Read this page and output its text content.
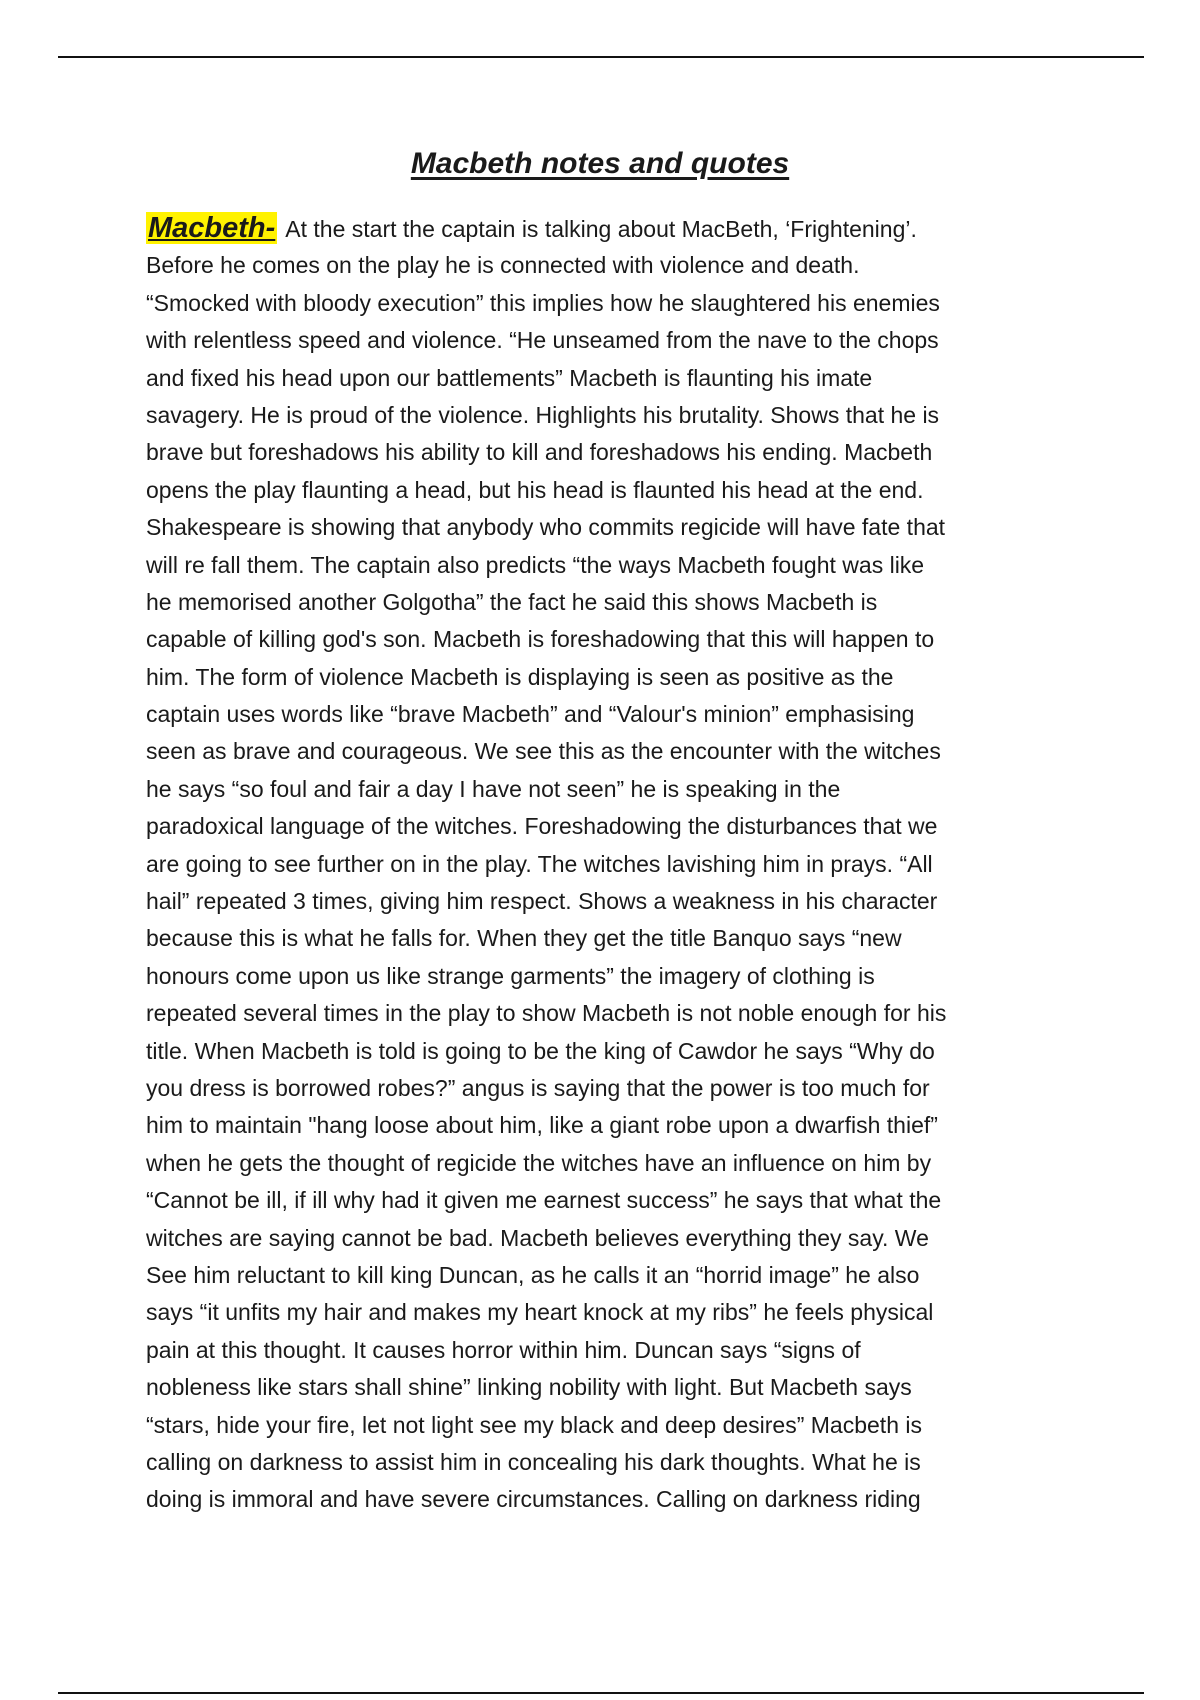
Macbeth notes and quotes
Macbeth- At the start the captain is talking about MacBeth, ‘Frightening’.
Before he comes on the play he is connected with violence and death.
“Smocked with bloody execution” this implies how he slaughtered his enemies
with relentless speed and violence. “He unseamed from the nave to the chops
and fixed his head upon our battlements” Macbeth is flaunting his imate
savagery. He is proud of the violence. Highlights his brutality. Shows that he is
brave but foreshadows his ability to kill and foreshadows his ending. Macbeth
opens the play flaunting a head, but his head is flaunted his head at the end.
Shakespeare is showing that anybody who commits regicide will have fate that
will re fall them. The captain also predicts “the ways Macbeth fought was like
he memorised another Golgotha” the fact he said this shows Macbeth is
capable of killing god's son. Macbeth is foreshadowing that this will happen to
him. The form of violence Macbeth is displaying is seen as positive as the
captain uses words like “brave Macbeth” and “Valour's minion” emphasising
seen as brave and courageous. We see this as the encounter with the witches
he says “so foul and fair a day I have not seen” he is speaking in the
paradoxical language of the witches. Foreshadowing the disturbances that we
are going to see further on in the play. The witches lavishing him in prays. “All
hail” repeated 3 times, giving him respect. Shows a weakness in his character
because this is what he falls for. When they get the title Banquo says “new
honours come upon us like strange garments” the imagery of clothing is
repeated several times in the play to show Macbeth is not noble enough for his
title. When Macbeth is told is going to be the king of Cawdor he says “Why do
you dress is borrowed robes?” angus is saying that the power is too much for
him to maintain "hang loose about him, like a giant robe upon a dwarfish thief”
when he gets the thought of regicide the witches have an influence on him by
“Cannot be ill, if ill why had it given me earnest success” he says that what the
witches are saying cannot be bad. Macbeth believes everything they say. We
See him reluctant to kill king Duncan, as he calls it an “horrid image” he also
says “it unfits my hair and makes my heart knock at my ribs” he feels physical
pain at this thought. It causes horror within him. Duncan says “signs of
nobleness like stars shall shine” linking nobility with light. But Macbeth says
“stars, hide your fire, let not light see my black and deep desires” Macbeth is
calling on darkness to assist him in concealing his dark thoughts. What he is
doing is immoral and have severe circumstances. Calling on darkness riding
